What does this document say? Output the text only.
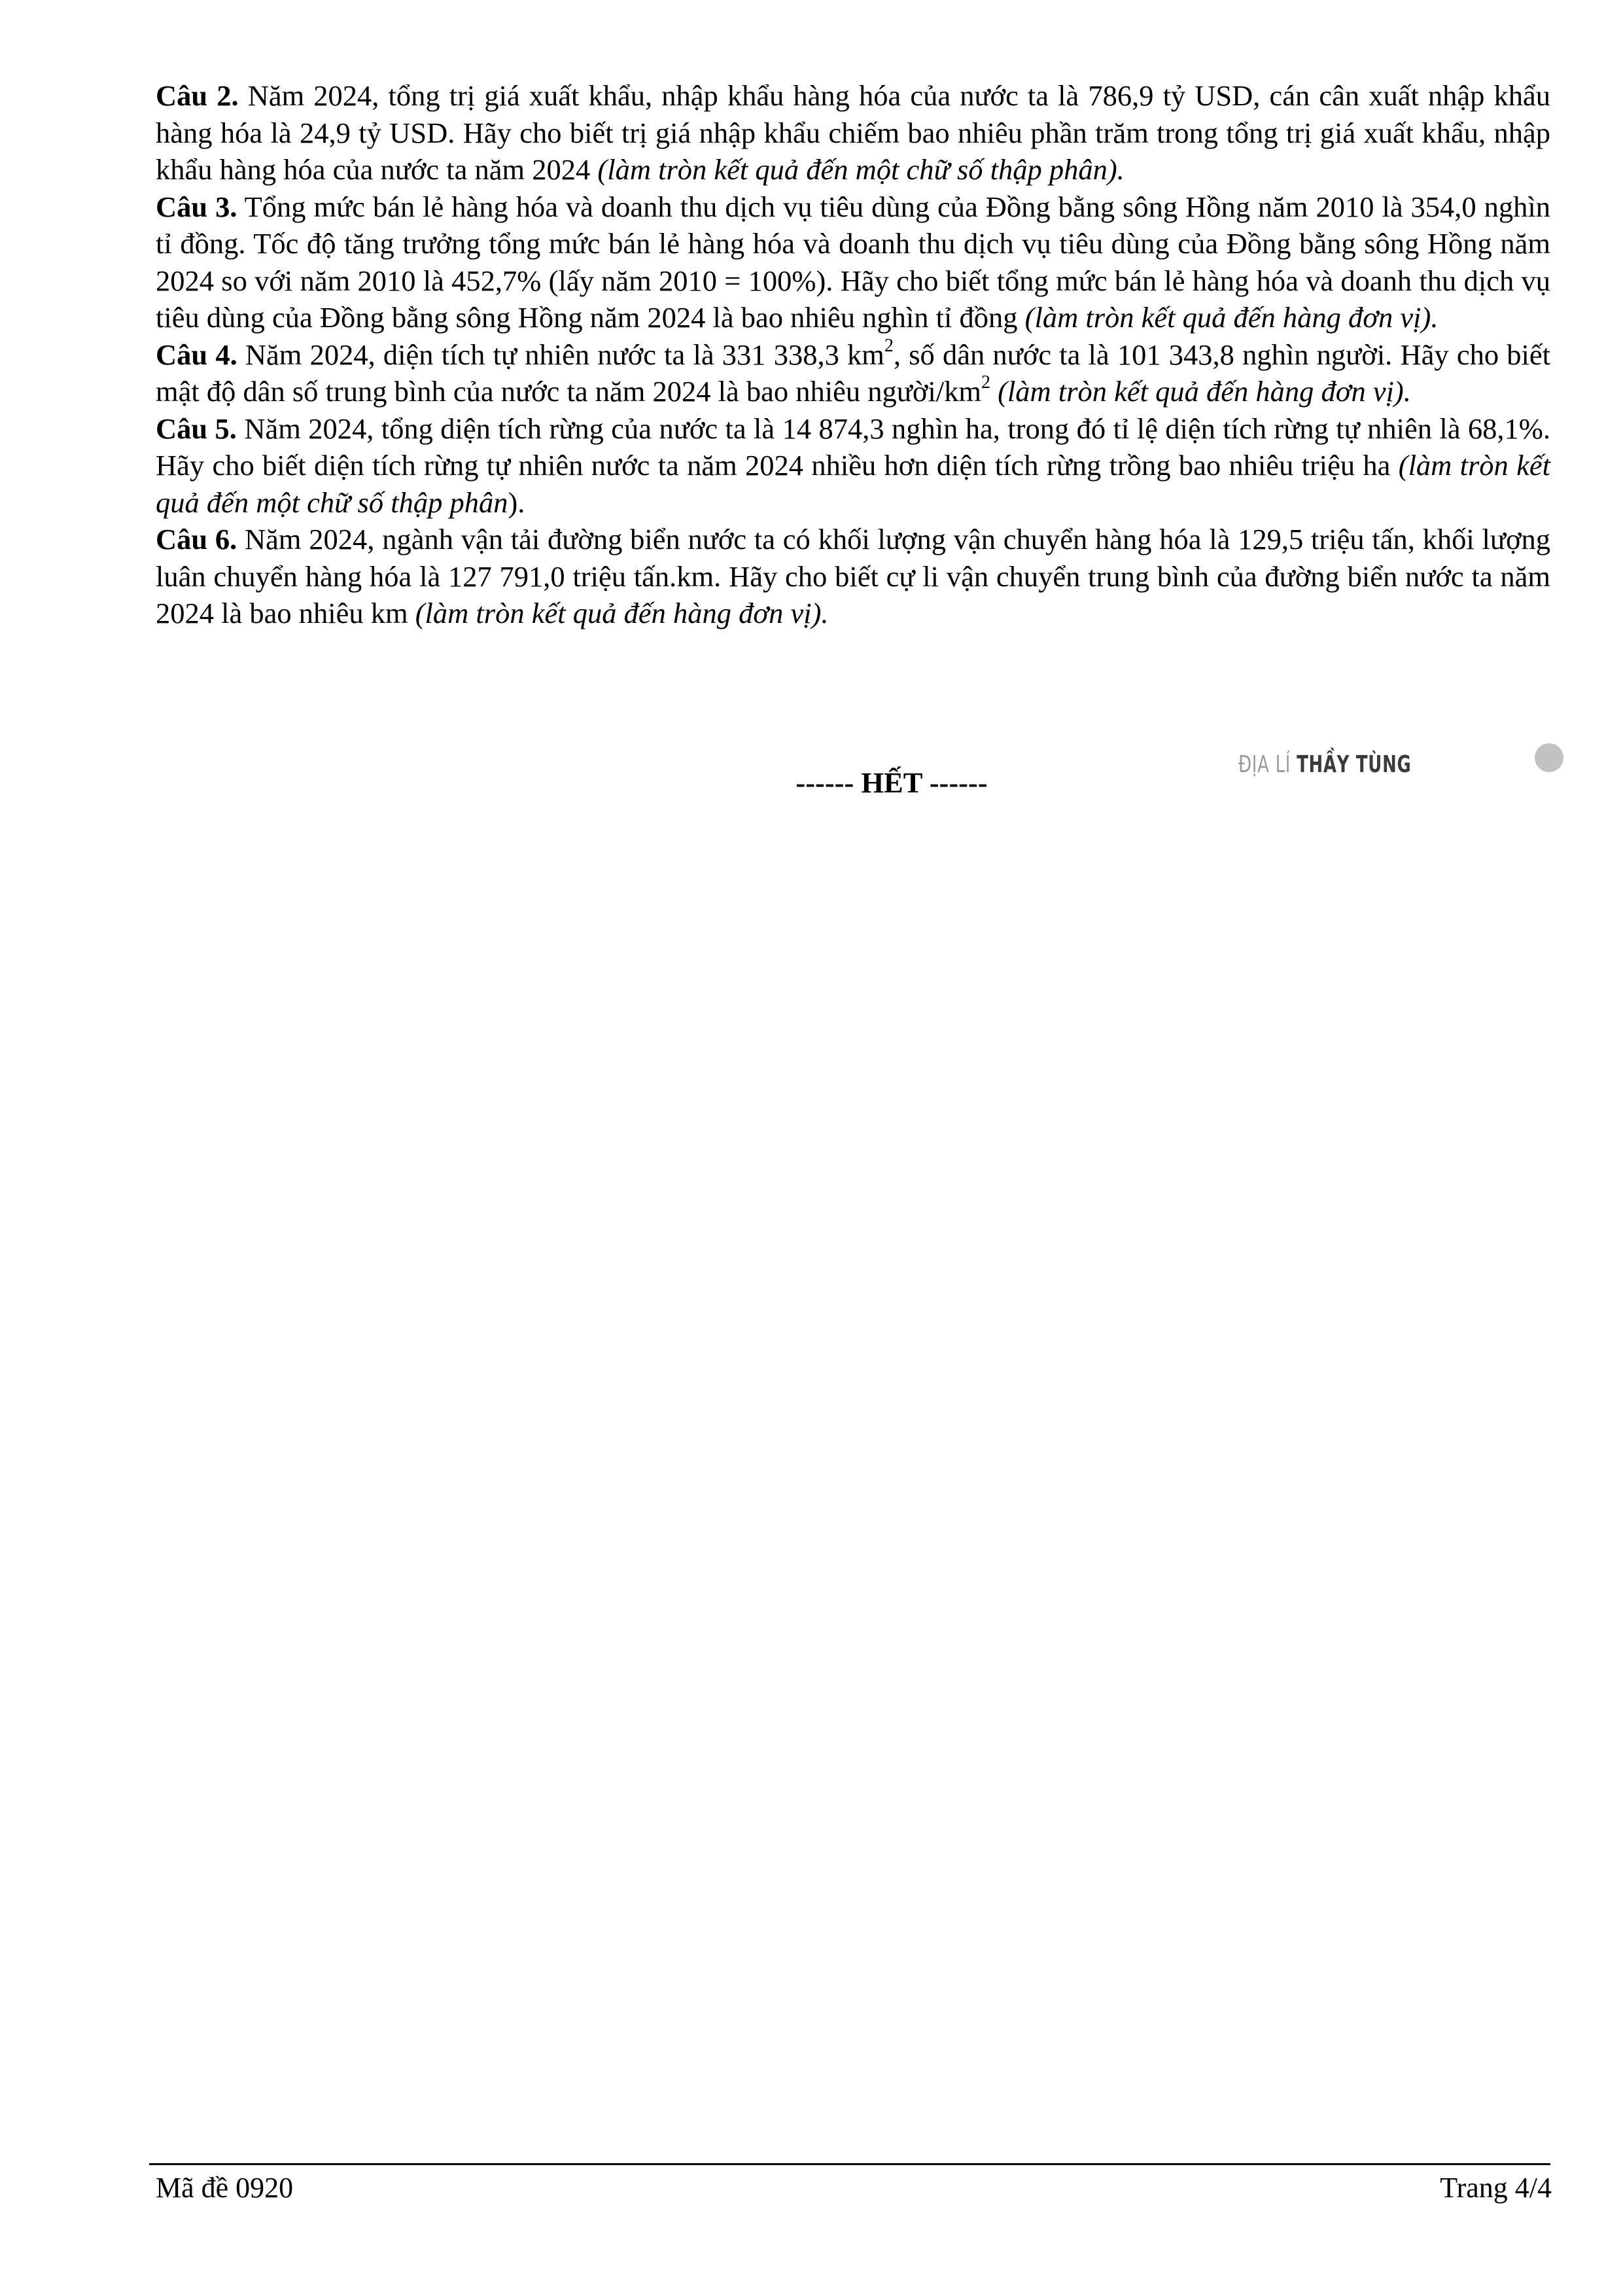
Câu 2. Năm 2024, tổng trị giá xuất khẩu, nhập khẩu hàng hóa của nước ta là 786,9 tỷ USD, cán cân xuất nhập khẩu hàng hóa là 24,9 tỷ USD. Hãy cho biết trị giá nhập khẩu chiếm bao nhiêu phần trăm trong tổng trị giá xuất khẩu, nhập khẩu hàng hóa của nước ta năm 2024 (làm tròn kết quả đến một chữ số thập phân).

Câu 3. Tổng mức bán lẻ hàng hóa và doanh thu dịch vụ tiêu dùng của Đồng bằng sông Hồng năm 2010 là 354,0 nghìn tỉ đồng. Tốc độ tăng trưởng tổng mức bán lẻ hàng hóa và doanh thu dịch vụ tiêu dùng của Đồng bằng sông Hồng năm 2024 so với năm 2010 là 452,7% (lấy năm 2010 = 100%). Hãy cho biết tổng mức bán lẻ hàng hóa và doanh thu dịch vụ tiêu dùng của Đồng bằng sông Hồng năm 2024 là bao nhiêu nghìn tỉ đồng (làm tròn kết quả đến hàng đơn vị).

Câu 4. Năm 2024, diện tích tự nhiên nước ta là 331 338,3 $km^2$, số dân nước ta là 101 343,8 nghìn người. Hãy cho biết mật độ dân số trung bình của nước ta năm 2024 là bao nhiêu người/$km^2$ (làm tròn kết quả đến hàng đơn vị).

Câu 5. Năm 2024, tổng diện tích rừng của nước ta là 14 874,3 nghìn ha, trong đó tỉ lệ diện tích rừng tự nhiên là 68,1%. Hãy cho biết diện tích rừng tự nhiên nước ta năm 2024 nhiều hơn diện tích rừng trồng bao nhiêu triệu ha (làm tròn kết quả đến một chữ số thập phân).

Câu 6. Năm 2024, ngành vận tải đường biển nước ta có khối lượng vận chuyển hàng hóa là 129,5 triệu tấn, khối lượng luân chuyển hàng hóa là 127 791,0 triệu tấn.km. Hãy cho biết cự li vận chuyển trung bình của đường biển nước ta năm 2024 là bao nhiêu km (làm tròn kết quả đến hàng đơn vị).

------ HẾT ------
ĐỊA LÍ THẦY TÙNG
Mã đề 0920	Trang 4/4
